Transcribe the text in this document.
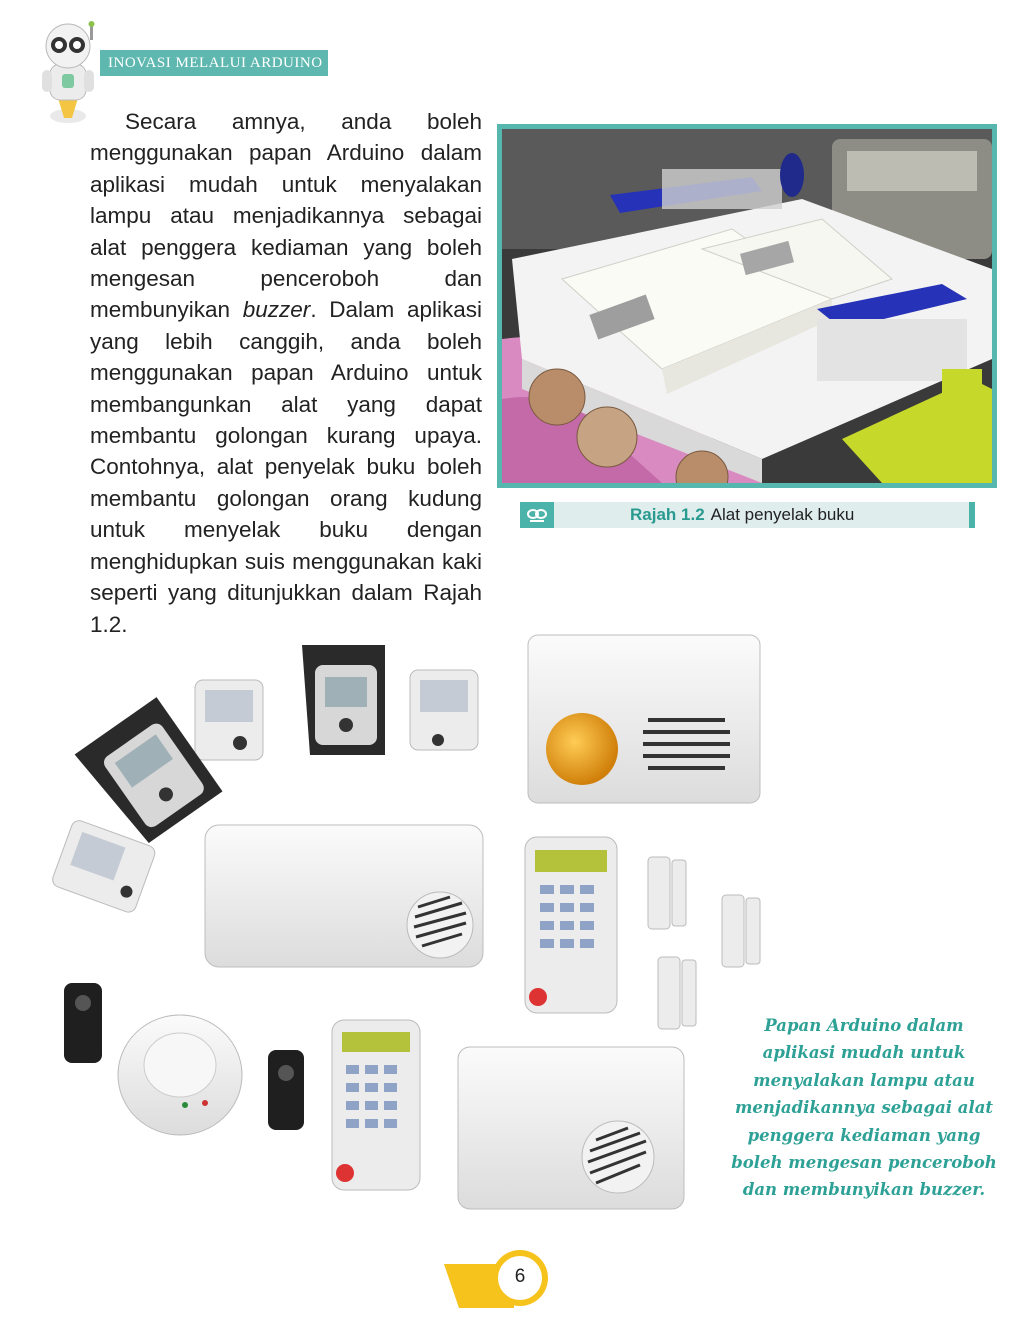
INOVASI MELALUI ARDUINO
Secara amnya, anda boleh menggunakan papan Arduino dalam aplikasi mudah untuk menyalakan lampu atau menjadikannya sebagai alat penggera kediaman yang boleh mengesan penceroboh dan membunyikan buzzer. Dalam aplikasi yang lebih canggih, anda boleh menggunakan papan Arduino untuk membangunkan alat yang dapat membantu golongan kurang upaya. Contohnya, alat penyelak buku boleh membantu golongan orang kudung untuk menyelak buku dengan menghidupkan suis menggunakan kaki seperti yang ditunjukkan dalam Rajah 1.2.
Rajah 1.2 Alat penyelak buku
Papan Arduino dalam aplikasi mudah untuk menyalakan lampu atau menjadikannya sebagai alat penggera kediaman yang boleh mengesan penceroboh dan membunyikan buzzer.
6
